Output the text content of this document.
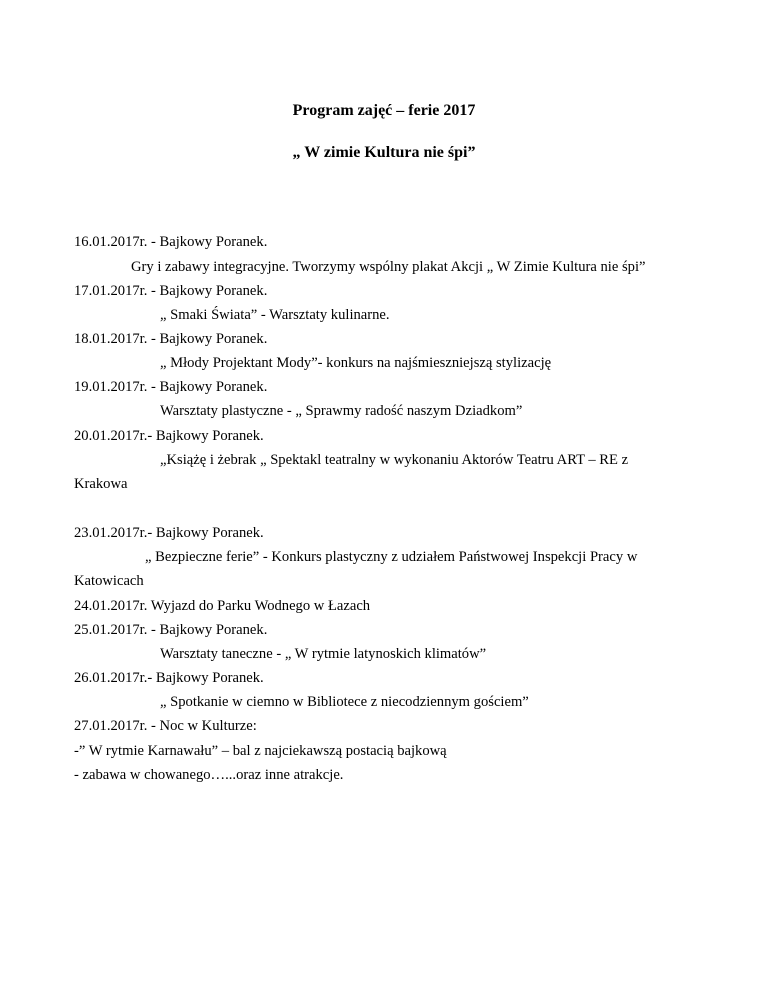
Program zajęć – ferie 2017
„ W zimie Kultura nie śpi”
16.01.2017r. - Bajkowy Poranek.
Gry i zabawy integracyjne. Tworzymy wspólny plakat Akcji „ W Zimie Kultura nie śpi”
17.01.2017r. - Bajkowy Poranek.
„ Smaki Świata” - Warsztaty kulinarne.
18.01.2017r. - Bajkowy Poranek.
„ Młody Projektant Mody”- konkurs na najśmieszniejszą stylizację
19.01.2017r. - Bajkowy Poranek.
Warsztaty plastyczne - „ Sprawmy radość naszym Dziadkom”
20.01.2017r.- Bajkowy Poranek.
„Książę i żebrak „ Spektakl teatralny w wykonaniu Aktorów Teatru ART – RE z
Krakowa
23.01.2017r.- Bajkowy Poranek.
„ Bezpieczne ferie” - Konkurs plastyczny z udziałem Państwowej Inspekcji Pracy w
Katowicach
24.01.2017r. Wyjazd do Parku Wodnego w Łazach
25.01.2017r. - Bajkowy Poranek.
Warsztaty taneczne - „ W rytmie latynoskich klimatów”
26.01.2017r.- Bajkowy Poranek.
„ Spotkanie w ciemno w Bibliotece z niecodziennym gościem”
27.01.2017r. - Noc w Kulturze:
-” W rytmie Karnawału” – bal z najciekawszą postacią bajkową
- zabawa w chowanego…...oraz inne atrakcje.
